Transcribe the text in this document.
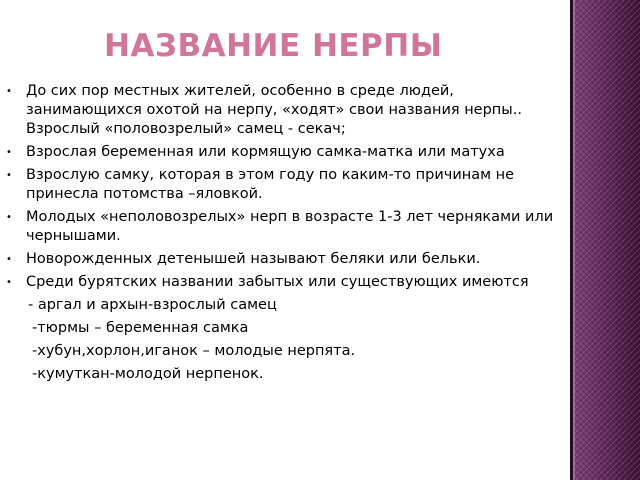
НАЗВАНИЕ НЕРПЫ
• До сих пор местных жителей, особенно в среде людей, занимающихся охотой на нерпу, «ходят» свои названия нерпы.. Взрослый «половозрелый» самец - секач;
• Взрослая беременная или кормящую самка-матка или матуха
• Взрослую самку, которая в этом году по каким-то причинам не принесла потомства –яловкой.
• Молодых «неполовозрелых» нерп в возрасте 1-3 лет черняками или чернышами.
• Новорожденных детенышей называют беляки или бельки.
• Среди бурятских названии забытых или существующих имеются
- аргал и архын-взрослый самец
-тюрмы – беременная самка
-хубун,хорлон,иганок – молодые нерпята.
-кумуткан-молодой нерпенок.
